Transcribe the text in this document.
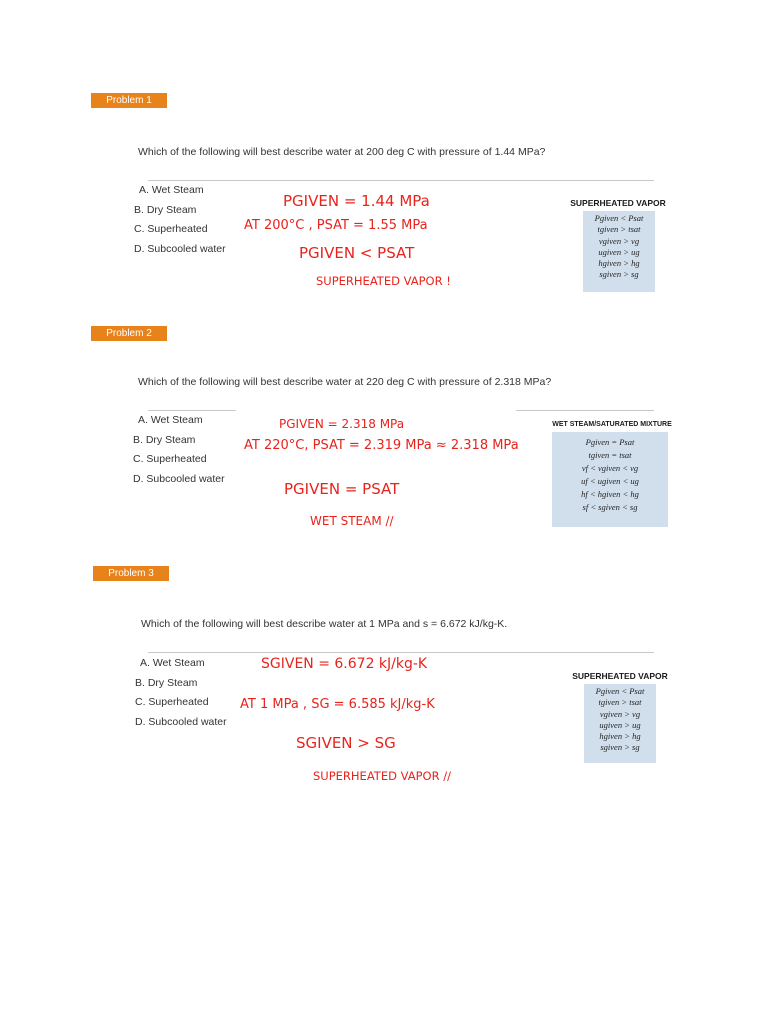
Problem 1
Which of the following will best describe water at 200 deg C with pressure of 1.44 MPa?
A. Wet Steam
B. Dry Steam
C. Superheated
D. Subcooled water
SUPERHEATED VAPOR
Pgiven < Psat
tgiven > tsat
vgiven > vg
ugiven > ug
hgiven > hg
sgiven > sg
PGIVEN = 1.44 MPa
AT 200°C , PSAT = 1.55 MPa
PGIVEN < PSAT
SUPERHEATED VAPOR !
Problem 2
Which of the following will best describe water at 220 deg C with pressure of 2.318 MPa?
A. Wet Steam
B. Dry Steam
C. Superheated
D. Subcooled water
WET STEAM/SATURATED MIXTURE
Pgiven = Psat
tgiven = tsat
vf < vgiven < vg
uf < ugiven < ug
hf < hgiven < hg
sf < sgiven < sg
PGIVEN = 2.318 MPa
AT 220°C, PSAT = 2.319 MPa ≈ 2.318 MPa
PGIVEN = PSAT
WET STEAM //
Problem 3
Which of the following will best describe water at 1 MPa and s = 6.672 kJ/kg-K.
A. Wet Steam
B. Dry Steam
C. Superheated
D. Subcooled water
SUPERHEATED VAPOR
Pgiven < Psat
tgiven > tsat
vgiven > vg
ugiven > ug
hgiven > hg
sgiven > sg
SGIVEN = 6.672 kJ/kg-K
AT 1 MPa , SG = 6.585 kJ/kg-K
SGIVEN > SG
SUPERHEATED VAPOR //
